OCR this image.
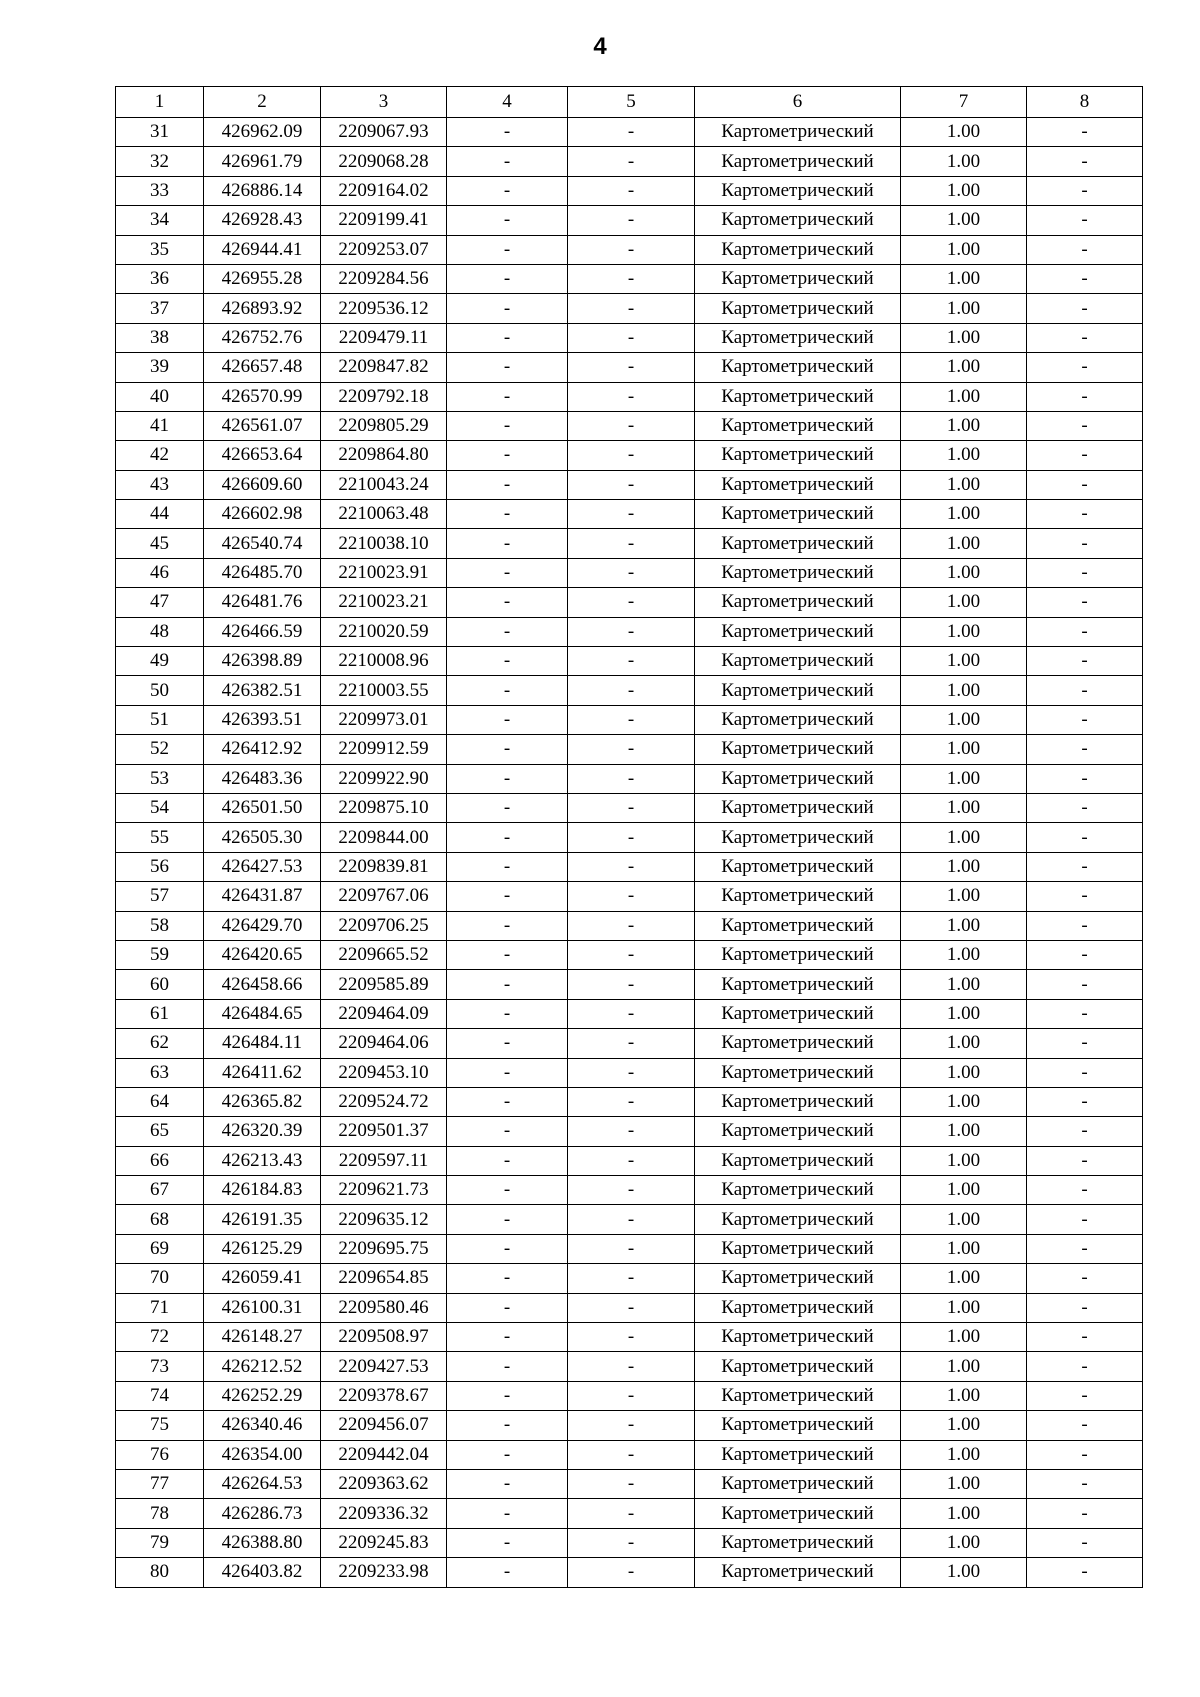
4
1	2	3	4	5	6	7	8
31	426962.09	2209067.93	-	-	Картометрический	1.00	-
32	426961.79	2209068.28	-	-	Картометрический	1.00	-
33	426886.14	2209164.02	-	-	Картометрический	1.00	-
34	426928.43	2209199.41	-	-	Картометрический	1.00	-
35	426944.41	2209253.07	-	-	Картометрический	1.00	-
36	426955.28	2209284.56	-	-	Картометрический	1.00	-
37	426893.92	2209536.12	-	-	Картометрический	1.00	-
38	426752.76	2209479.11	-	-	Картометрический	1.00	-
39	426657.48	2209847.82	-	-	Картометрический	1.00	-
40	426570.99	2209792.18	-	-	Картометрический	1.00	-
41	426561.07	2209805.29	-	-	Картометрический	1.00	-
42	426653.64	2209864.80	-	-	Картометрический	1.00	-
43	426609.60	2210043.24	-	-	Картометрический	1.00	-
44	426602.98	2210063.48	-	-	Картометрический	1.00	-
45	426540.74	2210038.10	-	-	Картометрический	1.00	-
46	426485.70	2210023.91	-	-	Картометрический	1.00	-
47	426481.76	2210023.21	-	-	Картометрический	1.00	-
48	426466.59	2210020.59	-	-	Картометрический	1.00	-
49	426398.89	2210008.96	-	-	Картометрический	1.00	-
50	426382.51	2210003.55	-	-	Картометрический	1.00	-
51	426393.51	2209973.01	-	-	Картометрический	1.00	-
52	426412.92	2209912.59	-	-	Картометрический	1.00	-
53	426483.36	2209922.90	-	-	Картометрический	1.00	-
54	426501.50	2209875.10	-	-	Картометрический	1.00	-
55	426505.30	2209844.00	-	-	Картометрический	1.00	-
56	426427.53	2209839.81	-	-	Картометрический	1.00	-
57	426431.87	2209767.06	-	-	Картометрический	1.00	-
58	426429.70	2209706.25	-	-	Картометрический	1.00	-
59	426420.65	2209665.52	-	-	Картометрический	1.00	-
60	426458.66	2209585.89	-	-	Картометрический	1.00	-
61	426484.65	2209464.09	-	-	Картометрический	1.00	-
62	426484.11	2209464.06	-	-	Картометрический	1.00	-
63	426411.62	2209453.10	-	-	Картометрический	1.00	-
64	426365.82	2209524.72	-	-	Картометрический	1.00	-
65	426320.39	2209501.37	-	-	Картометрический	1.00	-
66	426213.43	2209597.11	-	-	Картометрический	1.00	-
67	426184.83	2209621.73	-	-	Картометрический	1.00	-
68	426191.35	2209635.12	-	-	Картометрический	1.00	-
69	426125.29	2209695.75	-	-	Картометрический	1.00	-
70	426059.41	2209654.85	-	-	Картометрический	1.00	-
71	426100.31	2209580.46	-	-	Картометрический	1.00	-
72	426148.27	2209508.97	-	-	Картометрический	1.00	-
73	426212.52	2209427.53	-	-	Картометрический	1.00	-
74	426252.29	2209378.67	-	-	Картометрический	1.00	-
75	426340.46	2209456.07	-	-	Картометрический	1.00	-
76	426354.00	2209442.04	-	-	Картометрический	1.00	-
77	426264.53	2209363.62	-	-	Картометрический	1.00	-
78	426286.73	2209336.32	-	-	Картометрический	1.00	-
79	426388.80	2209245.83	-	-	Картометрический	1.00	-
80	426403.82	2209233.98	-	-	Картометрический	1.00	-
